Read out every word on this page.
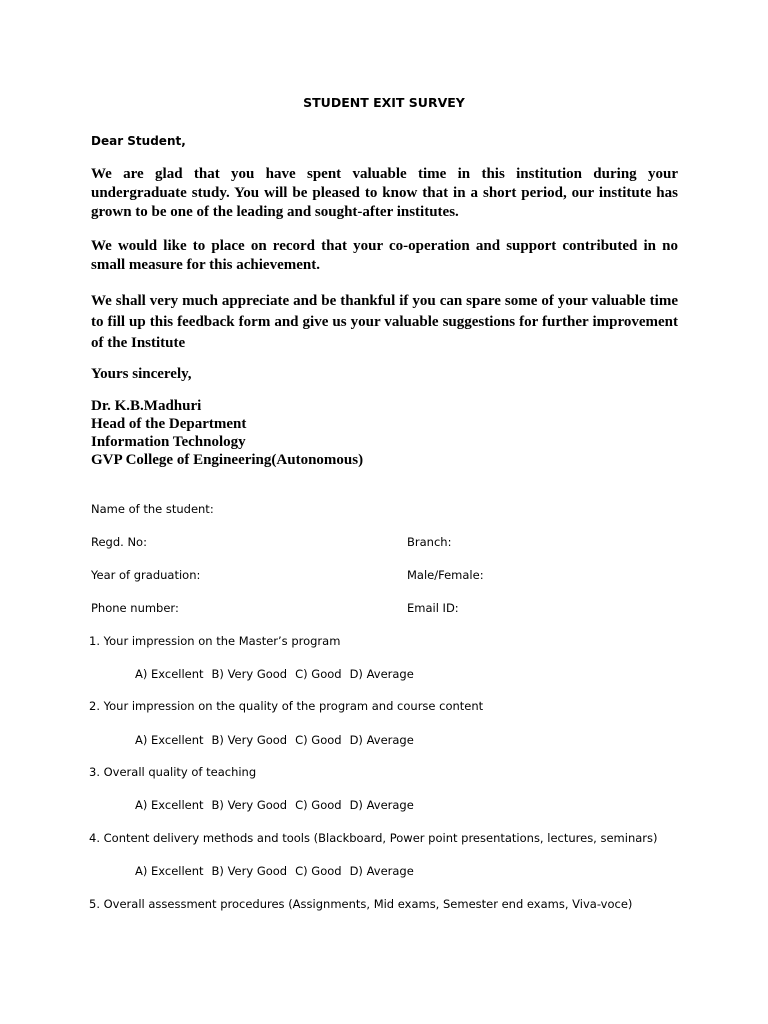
STUDENT EXIT SURVEY
Dear Student,

We are glad that you have spent valuable time in this institution during your undergraduate study. You will be pleased to know that in a short period, our institute has grown to be one of the leading and sought-after institutes.

We would like to place on record that your co-operation and support contributed in no small measure for this achievement.

We shall very much appreciate and be thankful if you can spare some of your valuable time to fill up this feedback form and give us your valuable suggestions for further improvement of the Institute

Yours sincerely,
Dr. K.B.Madhuri
Head of the Department
Information Technology
GVP College of Engineering(Autonomous)
Name of the student:
Regd. No:	Branch:
Year of graduation:	Male/Female:
Phone number:	Email ID:
1. Your impression on the Master’s program
A) Excellent B) Very Good C) Good D) Average
2. Your impression on the quality of the program and course content
A) Excellent B) Very Good C) Good D) Average
3. Overall quality of teaching
A) Excellent B) Very Good C) Good D) Average
4. Content delivery methods and tools (Blackboard, Power point presentations, lectures, seminars)
A) Excellent B) Very Good C) Good D) Average
5. Overall assessment procedures (Assignments, Mid exams, Semester end exams, Viva-voce)
